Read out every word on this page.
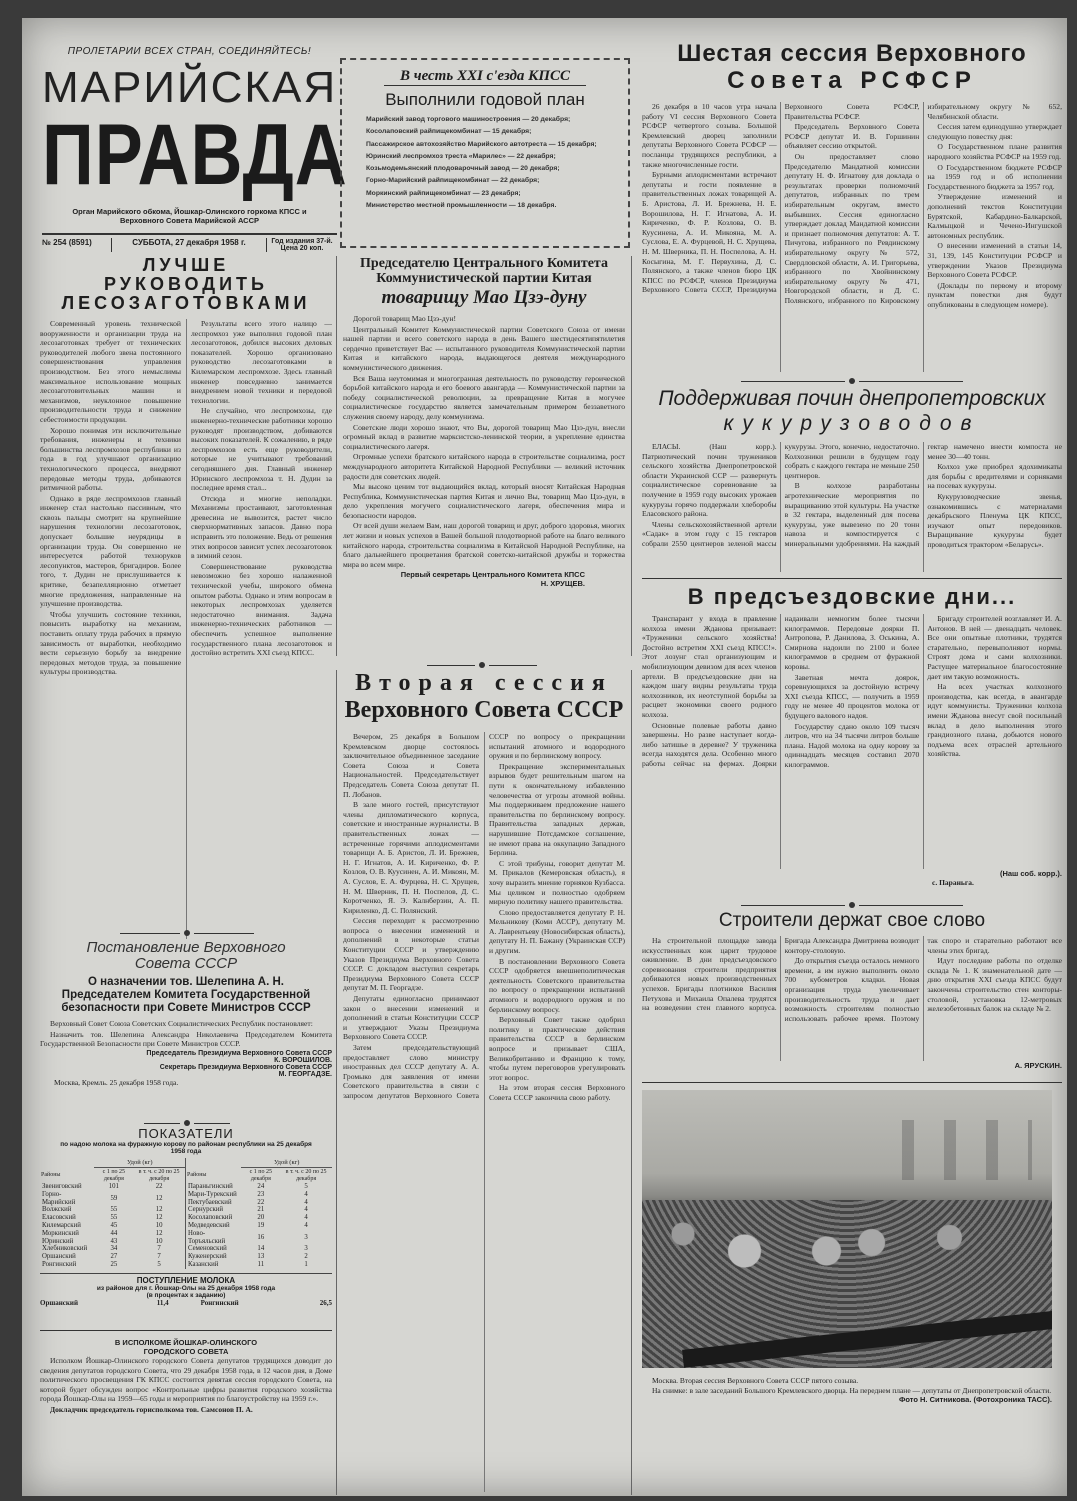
ПРОЛЕТАРИИ ВСЕХ СТРАН, СОЕДИНЯЙТЕСЬ!
МАРИЙСКАЯ
ПРАВДА
Орган Марийского обкома, Йошкар-Олинского горкома КПСС и Верховного Совета Марийской АССР
№ 254 (8591)	СУББОТА, 27 декабря 1958 г.	Год издания 37-й.
Цена 20 коп.
В честь XXI с'езда КПСС
Выполнили годовой план
Марийский завод торгового машиностроения — 20 декабря;
Косолаповский райпищекомбинат — 15 декабря;
Пассажирское автохозяйство Марийского автотреста — 15 декабря;
Юринский леспромхоз треста «Марилес» — 22 декабря;
Козьмодемьянский плодоварочный завод — 20 декабря;
Горно-Марийский райпищекомбинат — 22 декабря;
Моркинский райпищекомбинат — 23 декабря;
Министерство местной промышленности — 18 декабря.
Шестая сессия Верховного
Совета РСФСР

26 декабря в 10 часов утра начала работу VI сессия Верховного Совета РСФСР четвертого созыва. Большой Кремлевский дворец заполнили депутаты Верховного Совета РСФСР — посланцы трудящихся республики, а также многочисленные гости.

Бурными аплодисментами встречают депутаты и гости появление в правительственных ложах товарищей А. Б. Аристова, Л. И. Брежнева, Н. Е. Ворошилова, Н. Г. Игнатова, А. И. Кириченко, Ф. Р. Козлова, О. В. Куусинена, А. И. Микояна, М. А. Суслова, Е. А. Фурцевой, Н. С. Хрущева, Н. М. Шверника, П. Н. Поспелова, А. Н. Косыгина, М. Г. Первухина, Д. С. Полянского, а также членов бюро ЦК КПСС по РСФСР, членов Президиума Верховного Совета СССР, Президиума Верховного Совета РСФСР, Правительства РСФСР.

Председатель Верховного Совета РСФСР депутат И. В. Горшинин объявляет сессию открытой.

Он предоставляет слово Председателю Мандатной комиссии депутату Н. Ф. Игнатову для доклада о результатах проверки полномочий депутатов, избранных по трем избирательным округам, вместо выбывших. Сессия единогласно утверждает доклад Мандатной комиссии и признает полномочия депутатов: А. Т. Пичугова, избранного по Ревдинскому избирательному округу № 572, Свердловской области, А. И. Григорьева, избранного по Хвойнинскому избирательному округу № 471, Новгородской области, и Д. С. Полянского, избранного по Кировскому избирательному округу № 652, Челябинской области.

Сессия затем единодушно утверждает следующую повестку дня:

О Государственном плане развития народного хозяйства РСФСР на 1959 год.

О Государственном бюджете РСФСР на 1959 год и об исполнении Государственного бюджета за 1957 год.

Утверждение изменений и дополнений текстов Конституции Бурятской, Кабардино-Балкарской, Калмыцкой и Чечено-Ингушской автономных республик.

О внесении изменений в статьи 14, 31, 139, 145 Конституции РСФСР и утверждении Указов Президиума Верховного Совета РСФСР.

(Доклады по первому и второму пунктам повестки дня будут опубликованы в следующем номере).

Поддерживая почин днепропетровских
кукурузоводов

ЕЛАСЫ. (Наш корр.). Патриотический почин тружеников сельского хозяйства Днепропетровской области Украинской ССР — развернуть социалистическое соревнование за получение в 1959 году высоких урожаев кукурузы горячо поддержали хлеборобы Еласовского района.

Члены сельскохозяйственной артели «Садак» в этом году с 15 гектаров собрали 2550 центнеров зеленой массы кукурузы. Этого, конечно, недостаточно. Колхозники решили в будущем году собрать с каждого гектара не меньше 250 центнеров.

В колхозе разработаны агротехнические мероприятия по выращиванию этой культуры. На участке в 32 гектара, выделенный для посева кукурузы, уже вывезено по 20 тонн навоза и компостируется с минеральными удобрениями. На каждый гектар намечено внести компоста не менее 30—40 тонн.

Колхоз уже приобрел ядохимикаты для борьбы с вредителями и сорняками на посевах кукурузы.

Кукурузоводческие звенья, ознакомившись с материалами декабрьского Пленума ЦК КПСС, изучают опыт передовиков. Выращивание кукурузы будет проводиться трактором «Беларусь».

В предсъездовские дни...

Транспарант у входа в правление колхоза имени Жданова призывает: «Труженики сельского хозяйства! Достойно встретим XXI съезд КПСС!». Этот лозунг стал организующим и мобилизующим девизом для всех членов артели. В предсъездовские дни на каждом шагу видны результаты труда колхозников, их неотступной борьбы за расцвет экономики своего родного колхоза.

Основные полевые работы давно завершены. Но разве наступает когда-либо затишье в деревне? У труженика всегда находятся дела. Особенно много работы сейчас на фермах. Доярки надаивали немногим более тысячи килограммов. Передовые доярки П. Антропова, Р. Данилова, З. Оськина, А. Смирнова надоили по 2100 и более килограммов в среднем от фуражной коровы.

Заветная мечта доярок, соревнующихся за достойную встречу XXI съезда КПСС, — получить в 1959 году не менее 40 процентов молока от будущего валового надоя.

Государству сдано около 109 тысяч литров, что на 34 тысячи литров больше плана. Надой молока на одну корову за одиннадцать месяцев составил 2070 килограммов.

Бригаду строителей возглавляет И. А. Антонов. В ней — двенадцать человек. Все они опытные плотники, трудятся старательно, перевыполняют нормы. Строят дома и сами колхозники. Растущее материальное благосостояние дает им такую возможность.

На всех участках колхозного производства, как всегда, в авангарде идут коммунисты. Труженики колхоза имени Жданова внесут свой посильный вклад в дело выполнения этого грандиозного плана, добьются нового подъема всех отраслей артельного хозяйства.

(Наш соб. корр.).
с. Параньга.
Строители держат свое слово

На строительной площадке завода искусственных кож царит трудовое оживление. В дни предсъездовского соревнования строители предприятия добиваются новых производственных успехов. Бригады плотников Василия Петухова и Михаила Опалева трудятся на возведении стен главного корпуса. Бригада Александра Дмитриева возводит контору-столовую.

До открытия съезда осталось немного времени, а им нужно выполнить около 700 кубометров кладки. Новая организация труда увеличивает производительность труда и дает возможность строителям полностью использовать рабочее время. Поэтому так споро и старательно работают все члены этих бригад.

Идут последние работы по отделке склада № 1. К знаменательной дате — дню открытия XXI съезда КПСС будут закончены строительство стен конторы-столовой, установка 12-метровых железобетонных балок на складе № 2.

А. ЯРУСКИН.
Москва. Вторая сессия Верховного Совета СССР пятого созыва.
На снимке: в зале заседаний Большого Кремлевского дворца. На переднем плане — депутаты от Днепропетровской области.
Фото Н. Ситникова. (Фотохроника ТАСС).
ЛУЧШЕ РУКОВОДИТЬ ЛЕСОЗАГОТОВКАМИ

Современный уровень технической вооруженности и организации труда на лесозаготовках требует от технических руководителей любого звена постоянного совершенствования управления производством. Без этого немыслимы максимальное использование мощных лесозаготовительных машин и механизмов, неуклонное повышение производительности труда и снижение себестоимости продукции.

Хорошо понимая эти исключительные требования, инженеры и техники большинства леспромхозов республики из года в год улучшают организацию технологического процесса, внедряют передовые методы труда, добиваются ритмичной работы.

Однако в ряде леспромхозов главный инженер стал настолько пассивным, что сквозь пальцы смотрит на крупнейшие нарушения технологии лесозаготовок, допускает большие неурядицы в организации труда. Он совершенно не интересуется работой технoруков лесопунктов, мастеров, бригадиров. Более того, т. Дудин не прислушивается к критике, безапелляционно отметает многие предложения, направленные на улучшение производства.

Чтобы улучшить состояние техники, повысить выработку на механизм, поставить оплату труда рабочих в прямую зависимость от выработки, необходимо вести серьезную борьбу за внедрение передовых методов труда, за повышение культуры производства.

Результаты всего этого налицо — леспромхоз уже выполнил годовой план лесозаготовок, добился высоких деловых показателей. Хорошо организовано руководство лесозаготовками в Килемарском леспромхозе. Здесь главный инженер повседневно занимается внедрением новой техники и передовой технологии.

Не случайно, что леспромхозы, где инженерно-технические работники хорошо руководят производством, добиваются высоких показателей. К сожалению, в ряде леспромхозов есть еще руководители, которые не учитывают требований сегодняшнего дня. Главный инженер Юринского леспромхоза т. Н. Дудин за последнее время стал...

Отсюда и многие неполадки. Механизмы простаивают, заготовленная древесина не вывозится, растет число сверхнормативных запасов. Давно пора исправить это положение. Ведь от решения этих вопросов зависит успех лесозаготовок в зимний сезон.

Совершенствование руководства невозможно без хорошо налаженной технической учебы, широкого обмена опытом работы. Однако и этим вопросам в некоторых леспромхозах уделяется недостаточно внимания. Задача инженерно-технических работников — обеспечить успешное выполнение государственного плана лесозаготовок и достойно встретить XXI съезд КПСС.

Постановление Верховного
Совета СССР
О назначении тов. Шелепина А. Н. Председателем Комитета Государственной безопасности при Совете Министров СССР

Верховный Совет Союза Советских Социалистических Республик постановляет:

Назначить тов. Шелепина Александра Николаевича Председателем Комитета Государственной Безопасности при Совете Министров СССР.

Председатель Президиума Верховного Совета СССР
К. ВОРОШИЛОВ.
Секретарь Президиума Верховного Совета СССР
М. ГЕОРГАДЗЕ.
Москва, Кремль. 25 декабря 1958 года.
ПОКАЗАТЕЛИ
по надою молока на фуражную корову по районам республики на 25 декабря 1958 года
	Удой (кг)	
Районы	с 1 по 25 декабря	в т. ч. с 20 по 25 декабря
Звениговский	101	22
Горно-Марийский	59	12
Волжский	55	12
Еласовский	55	12
Килемарский	45	10
Моркинский	44	12
Юринский	43	10
Хлебниковский	34	7
Оршанский	27	7
Ронгинский	25	5
	Удой (кг)	
Районы	с 1 по 25 декабря	в т. ч. с 20 по 25 декабря
Параньгинский	24	5
Мари-Турекский	23	4
Пектубаевский	22	4
Сернурский	21	4
Косолаповский	20	4
Медведевский	19	4
Ново-Торъяльский	16	3
Семеновский	14	3
Куженерский	13	2
Казанский	11	1
ПОСТУПЛЕНИЕ МОЛОКА
из районов для г. Йошкар-Олы на 25 декабря 1958 года
(в процентах к заданию)
Оршанский	11,4	Ронгинский	26,5
В ИСПОЛКОМЕ ЙОШКАР-ОЛИНСКОГО ГОРОДСКОГО СОВЕТА

Исполком Йошкар-Олинского городского Совета депутатов трудящихся доводит до сведения депутатов городского Совета, что 29 декабря 1958 года, в 12 часов дня, в Доме политического просвещения ГК КПСС состоится девятая сессия городского Совета, на которой будет обсужден вопрос «Контрольные цифры развития городского хозяйства города Йошкар-Олы на 1959—65 годы и мероприятия по благоустройству на 1959 г.».

Докладчик председатель горисполкома тов. Самсонов П. А.
Председателю Центрального Комитета
Коммунистической партии Китая
товарищу Мао Цзэ-дуну

Дорогой товарищ Мао Цзэ-дун!

Центральный Комитет Коммунистической партии Советского Союза от имени нашей партии и всего советского народа в день Вашего шестидесятипятилетия сердечно приветствует Вас — испытанного руководителя Коммунистической партии Китая и китайского народа, выдающегося деятеля международного коммунистического движения.

Вся Ваша неутомимая и многогранная деятельность по руководству героической борьбой китайского народа и его боевого авангарда — Коммунистической партии за победу социалистической революции, за превращение Китая в могучее социалистическое государство является замечательным примером беззаветного служения своему народу, делу коммунизма.

Советские люди хорошо знают, что Вы, дорогой товарищ Мао Цзэ-дун, внесли огромный вклад в развитие марксистско-ленинской теории, в укрепление единства социалистического лагеря.

Огромные успехи братского китайского народа в строительстве социализма, рост международного авторитета Китайской Народной Республики — великий источник радости для советских людей.

Мы высоко ценим тот выдающийся вклад, который вносят Китайская Народная Республика, Коммунистическая партия Китая и лично Вы, товарищ Мао Цзэ-дун, в дело укрепления могучего социалистического лагеря, обеспечения мира и безопасности народов.

От всей души желаем Вам, наш дорогой товарищ и друг, доброго здоровья, многих лет жизни и новых успехов в Вашей большой плодотворной работе на благо великого китайского народа, строительства социализма в Китайской Народной Республике, на благо дальнейшего процветания братской советско-китайской дружбы и торжества мира во всем мире.

Первый секретарь Центрального Комитета КПСС
Н. ХРУЩЕВ.
Вторая сессия
Верховного Совета СССР

Вечером, 25 декабря в Большом Кремлевском дворце состоялось заключительное объединенное заседание Совета Союза и Совета Национальностей. Председательствует Председатель Совета Союза депутат П. П. Лобанов.

В зале много гостей, присутствуют члены дипломатического корпуса, советские и иностранные журналисты. В правительственных ложах — встреченные горячими аплодисментами товарищи А. Б. Аристов, Л. И. Брежнев, Н. Г. Игнатов, А. И. Кириченко, Ф. Р. Козлов, О. В. Куусинен, А. И. Микоян, М. А. Суслов, Е. А. Фурцева, Н. С. Хрущев, Н. М. Шверник, П. Н. Поспелов, Д. С. Коротченко, Я. Э. Калнберзин, А. П. Кириленко, Д. С. Полянский.

Сессия переходит к рассмотрению вопроса о внесении изменений и дополнений в некоторые статьи Конституции СССР и утверждению Указов Президиума Верховного Совета СССР. С докладом выступил секретарь Президиума Верховного Совета СССР депутат М. П. Георгадзе.

Депутаты единогласно принимают закон о внесении изменений и дополнений в статьи Конституции СССР и утверждают Указы Президиума Верховного Совета СССР.

Затем председательствующий предоставляет слово министру иностранных дел СССР депутату А. А. Громыко для заявления от имени Советского правительства в связи с запросом депутатов Верховного Совета СССР по вопросу о прекращении испытаний атомного и водородного оружия и по берлинскому вопросу.

Прекращение экспериментальных взрывов будет решительным шагом на пути к окончательному избавлению человечества от угрозы атомной войны. Мы поддерживаем предложение нашего правительства по берлинскому вопросу. Правительства западных держав, нарушившие Потсдамское соглашение, не имеют права на оккупацию Западного Берлина.

С этой трибуны, говорит депутат М. М. Прикалов (Кемеровская область), я хочу выразить мнение горняков Кузбасса. Мы целиком и полностью одобряем мирную политику нашего правительства.

Слово предоставляется депутату Р. Н. Мельникову (Коми АССР), депутату М. А. Лаврентьеву (Новосибирская область), депутату Н. П. Бажану (Украинская ССР) и другим.

В постановлении Верховного Совета СССР одобряется внешнеполитическая деятельность Советского правительства по вопросу о прекращении испытаний атомного и водородного оружия и по берлинскому вопросу.

Верховный Совет также одобрил политику и практические действия правительства СССР в берлинском вопросе и призывает США, Великобританию и Францию к тому, чтобы путем переговоров урегулировать этот вопрос.

На этом вторая сессия Верховного Совета СССР закончила свою работу.
